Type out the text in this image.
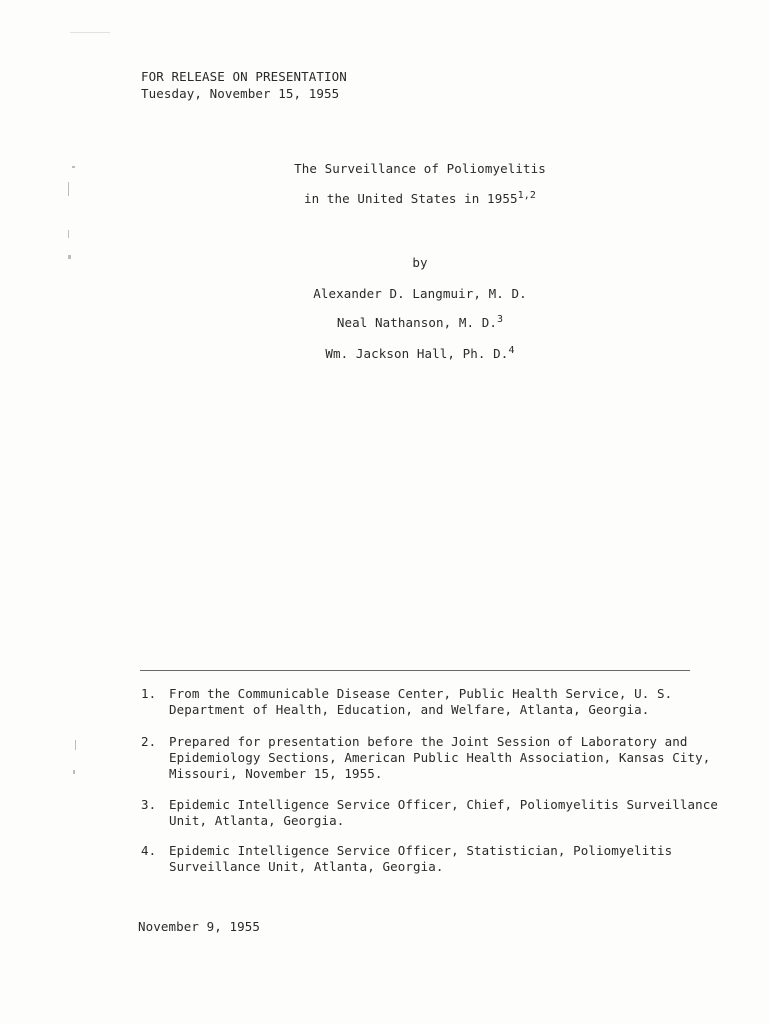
FOR RELEASE ON PRESENTATION
Tuesday, November 15, 1955
The Surveillance of Poliomyelitis
in the United States in 1955$^{1,2}$
by
Alexander D. Langmuir, M. D.
Neal Nathanson, M. D.$^3$
Wm. Jackson Hall, Ph. D.$^4$
1. From the Communicable Disease Center, Public Health Service, U. S.
Department of Health, Education, and Welfare, Atlanta, Georgia.
2. Prepared for presentation before the Joint Session of Laboratory and
Epidemiology Sections, American Public Health Association, Kansas City,
Missouri, November 15, 1955.
3. Epidemic Intelligence Service Officer, Chief, Poliomyelitis Surveillance
Unit, Atlanta, Georgia.
4. Epidemic Intelligence Service Officer, Statistician, Poliomyelitis
Surveillance Unit, Atlanta, Georgia.
November 9, 1955
